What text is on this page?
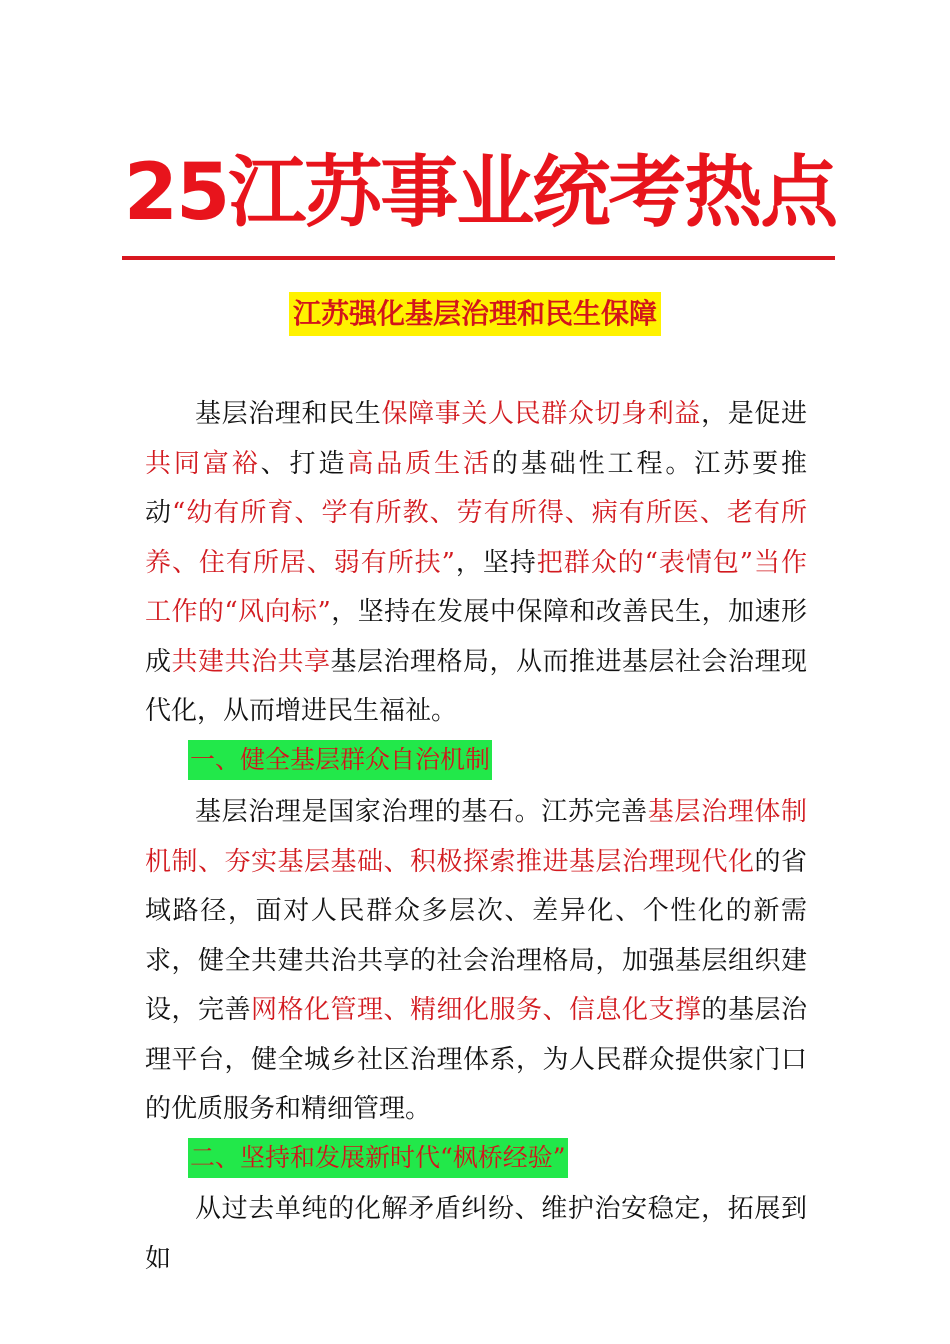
25江苏事业统考热点
江苏强化基层治理和民生保障

基层治理和民生保障事关人民群众切身利益，是促进共同富裕、打造高品质生活的基础性工程。江苏要推动“幼有所育、学有所教、劳有所得、病有所医、老有所养、住有所居、弱有所扶”，坚持把群众的“表情包”当作工作的“风向标”，坚持在发展中保障和改善民生，加速形成共建共治共享基层治理格局，从而推进基层社会治理现代化，从而增进民生福祉。

一、健全基层群众自治机制

基层治理是国家治理的基石。江苏完善基层治理体制机制、夯实基层基础、积极探索推进基层治理现代化的省域路径，面对人民群众多层次、差异化、个性化的新需求，健全共建共治共享的社会治理格局，加强基层组织建设，完善网格化管理、精细化服务、信息化支撑的基层治理平台，健全城乡社区治理体系，为人民群众提供家门口的优质服务和精细管理。

二、坚持和发展新时代“枫桥经验”

从过去单纯的化解矛盾纠纷、维护治安稳定，拓展到如
